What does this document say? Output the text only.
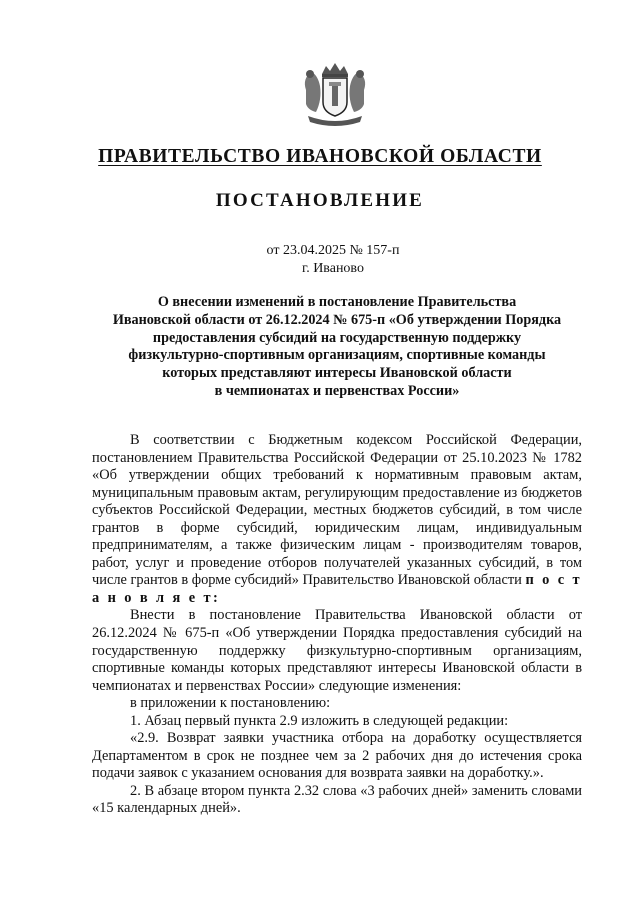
ПРАВИТЕЛЬСТВО ИВАНОВСКОЙ ОБЛАСТИ
ПОСТАНОВЛЕНИЕ
от 23.04.2025 № 157-п
г. Иваново
О внесении изменений в постановление Правительства
Ивановской области от 26.12.2024 № 675-п «Об утверждении Порядка
предоставления субсидий на государственную поддержку
физкультурно-спортивным организациям, спортивные команды
которых представляют интересы Ивановской области
в чемпионатах и первенствах России»

В соответствии с Бюджетным кодексом Российской Федерации, постановлением Правительства Российской Федерации от 25.10.2023 № 1782 «Об утверждении общих требований к нормативным правовым актам, муниципальным правовым актам, регулирующим предоставление из бюджетов субъектов Российской Федерации, местных бюджетов субсидий, в том числе грантов в форме субсидий, юридическим лицам, индивидуальным предпринимателям, а также физическим лицам - производителям товаров, работ, услуг и проведение отборов получателей указанных субсидий, в том числе грантов в форме субсидий» Правительство Ивановской области п о с т а н о в л я е т:

Внести в постановление Правительства Ивановской области от 26.12.2024 № 675-п «Об утверждении Порядка предоставления субсидий на государственную поддержку физкультурно-спортивным организациям, спортивные команды которых представляют интересы Ивановской области в чемпионатах и первенствах России» следующие изменения:

в приложении к постановлению:

1. Абзац первый пункта 2.9 изложить в следующей редакции:

«2.9. Возврат заявки участника отбора на доработку осуществляется Департаментом в срок не позднее чем за 2 рабочих дня до истечения срока подачи заявок с указанием основания для возврата заявки на доработку.».

2. В абзаце втором пункта 2.32 слова «3 рабочих дней» заменить словами «15 календарных дней».
